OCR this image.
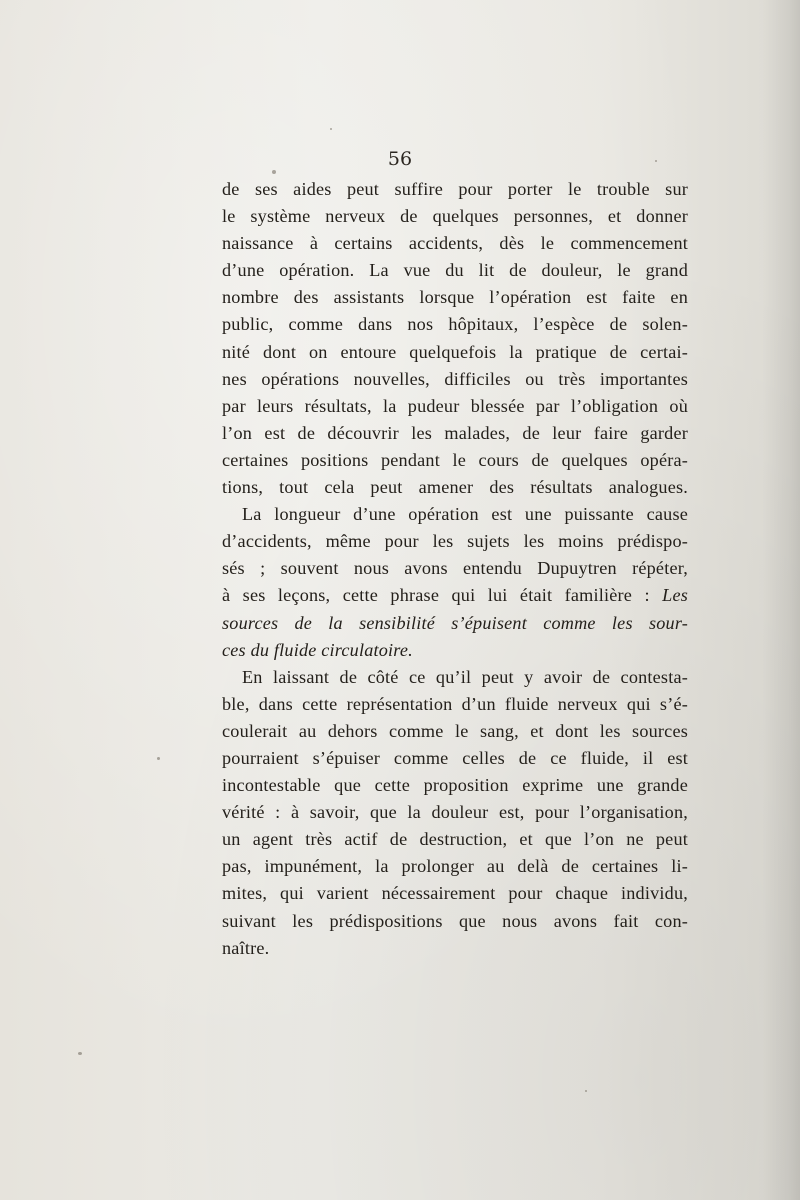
56
de ses aides peut suffire pour porter le trouble sur
le système nerveux de quelques personnes, et donner
naissance à certains accidents, dès le commencement
d’une opération. La vue du lit de douleur, le grand
nombre des assistants lorsque l’opération est faite en
public, comme dans nos hôpitaux, l’espèce de solen-
nité dont on entoure quelquefois la pratique de certai-
nes opérations nouvelles, difficiles ou très importantes
par leurs résultats, la pudeur blessée par l’obligation où
l’on est de découvrir les malades, de leur faire garder
certaines positions pendant le cours de quelques opéra-
tions, tout cela peut amener des résultats analogues.
La longueur d’une opération est une puissante cause
d’accidents, même pour les sujets les moins prédispo-
sés ; souvent nous avons entendu Dupuytren répéter,
à ses leçons, cette phrase qui lui était familière : Les
sources de la sensibilité s’épuisent comme les sour-
ces du fluide circulatoire.
En laissant de côté ce qu’il peut y avoir de contesta-
ble, dans cette représentation d’un fluide nerveux qui s’é-
coulerait au dehors comme le sang, et dont les sources
pourraient s’épuiser comme celles de ce fluide, il est
incontestable que cette proposition exprime une grande
vérité : à savoir, que la douleur est, pour l’organisation,
un agent très actif de destruction, et que l’on ne peut
pas, impunément, la prolonger au delà de certaines li-
mites, qui varient nécessairement pour chaque individu,
suivant les prédispositions que nous avons fait con-
naître.
